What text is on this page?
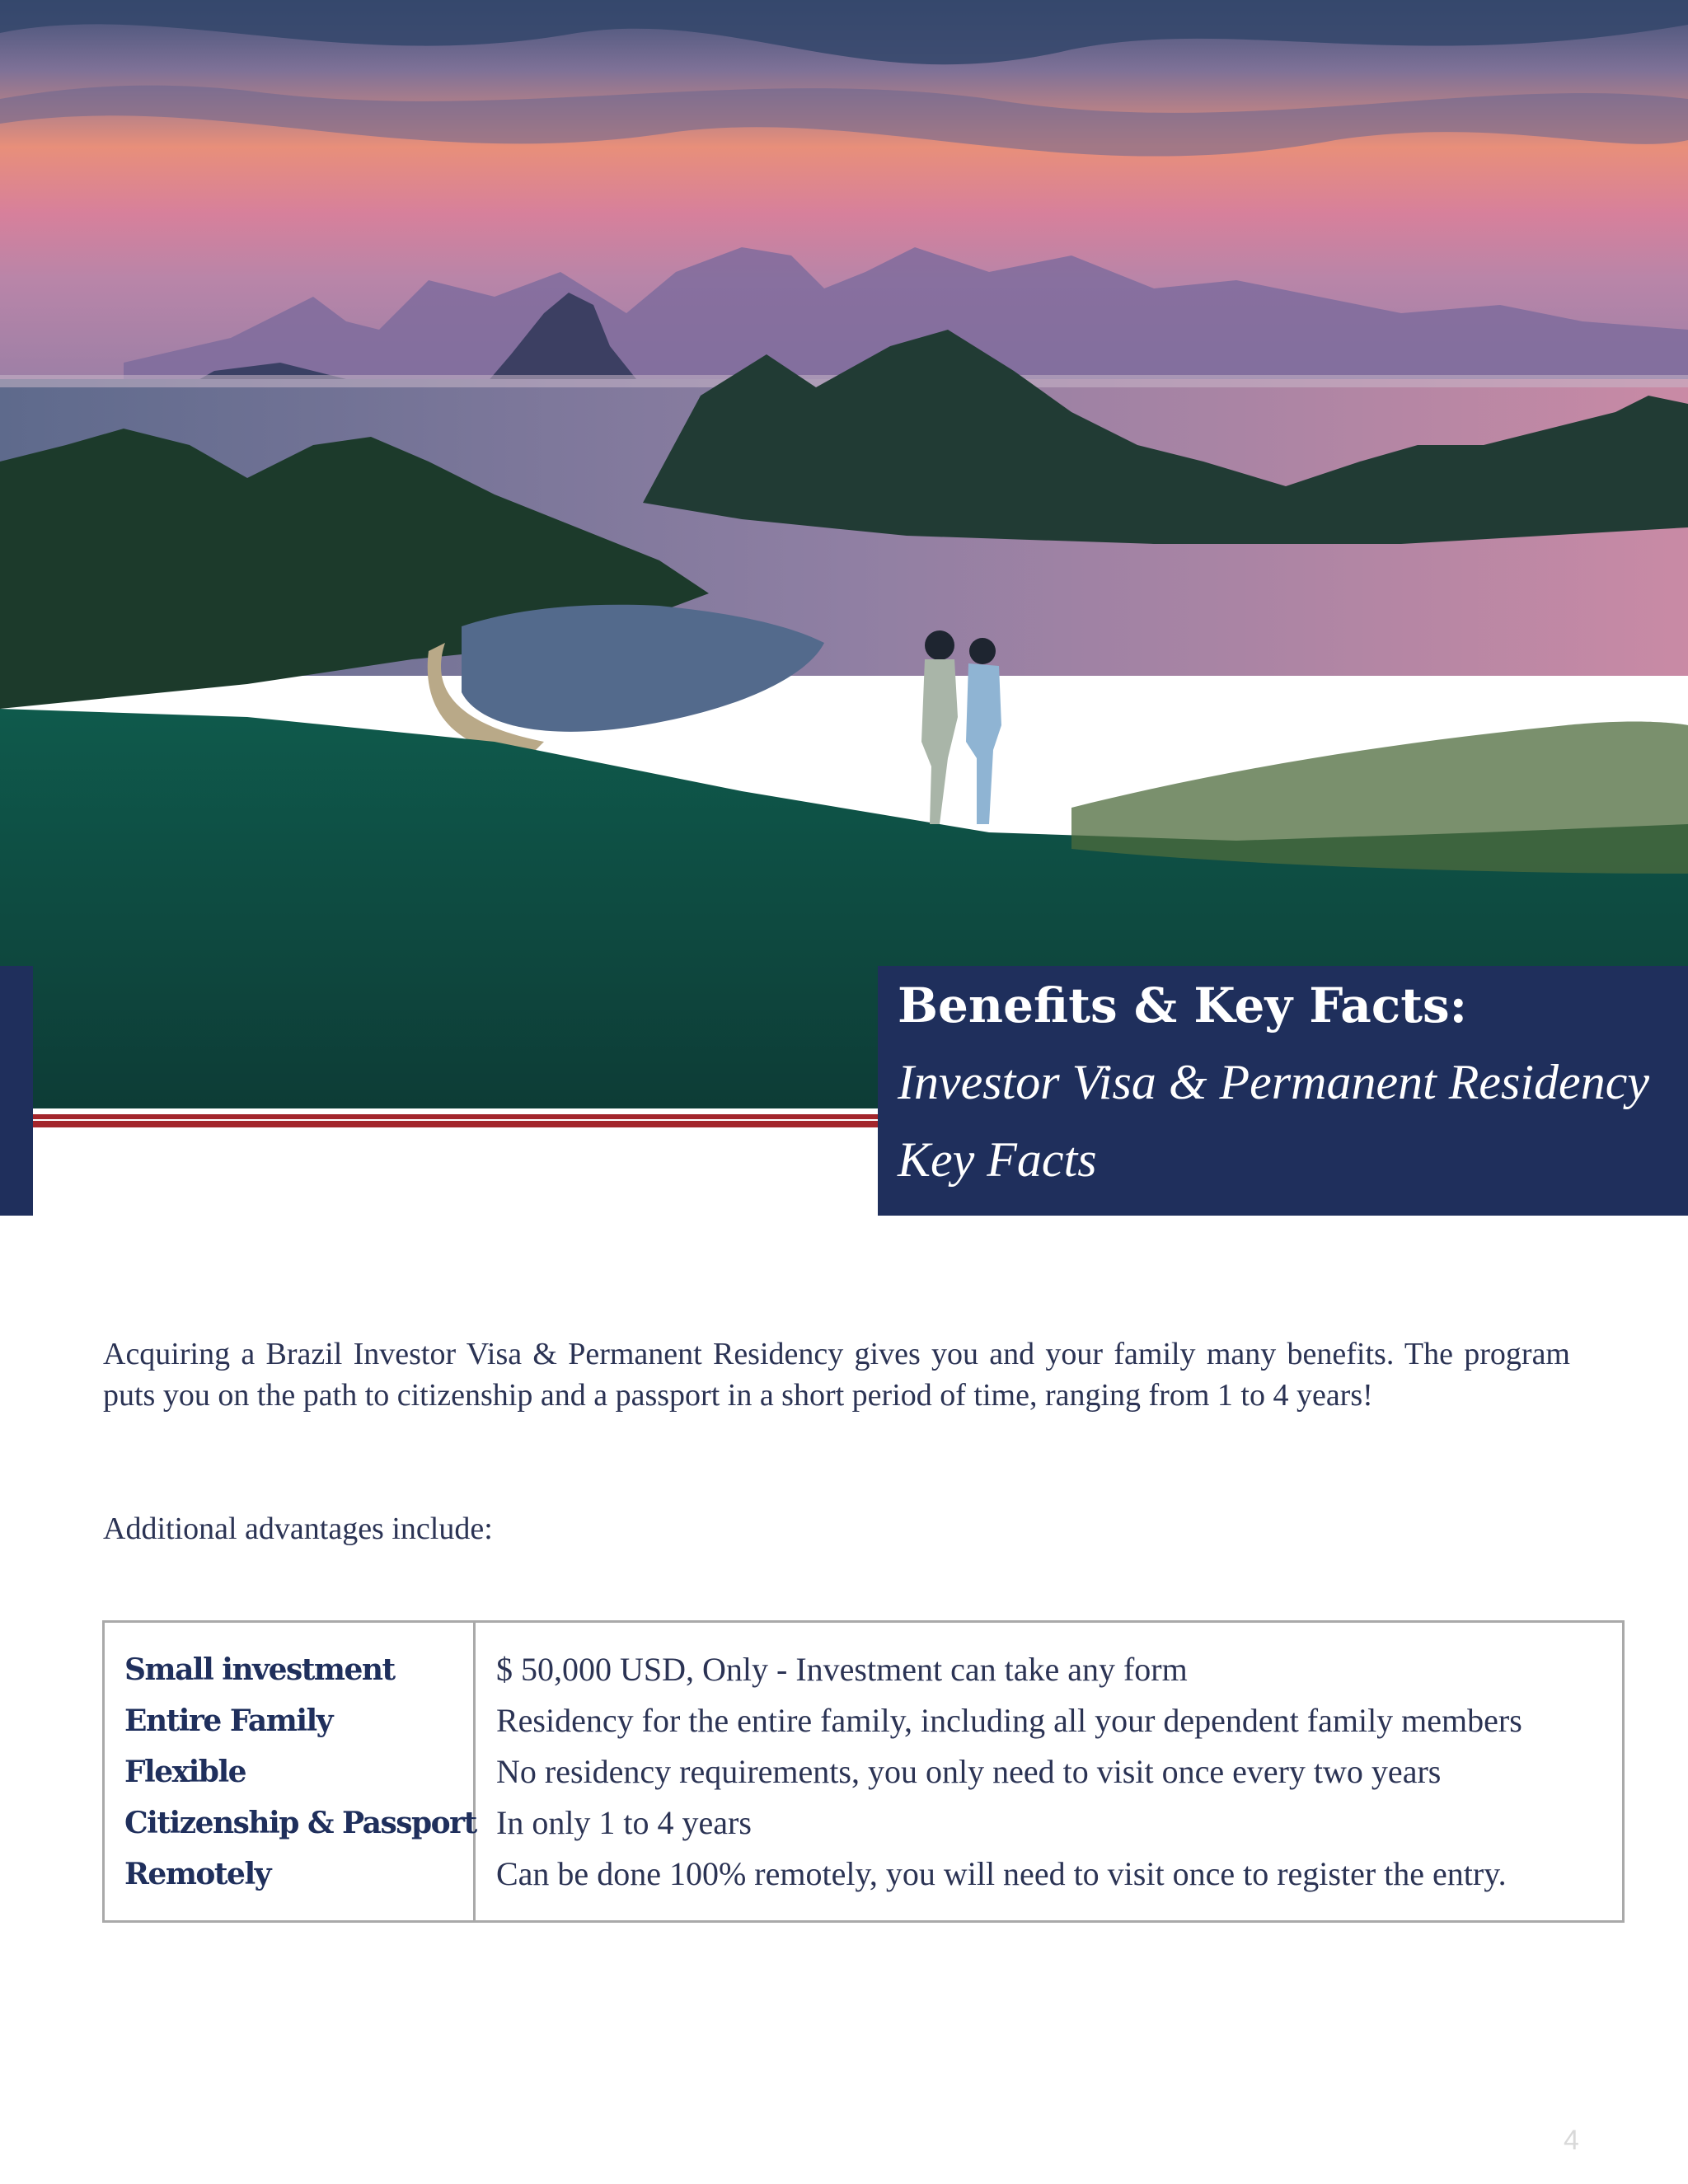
Benefits & Key Facts:
Investor Visa & Permanent Residency
Key Facts

Acquiring a Brazil Investor Visa & Permanent Residency gives you and your family many benefits. The program puts you on the path to citizenship and a passport in a short period of time, ranging from 1 to 4 years!

Additional advantages include:

Small investment
Entire Family
Flexible
Citizenship & Passport
Remotely
$ 50,000 USD, Only - Investment can take any form
Residency for the entire family, including all your dependent family members
No residency requirements, you only need to visit once every two years
In only 1 to 4 years
Can be done 100% remotely, you will need to visit once to register the entry.
4
